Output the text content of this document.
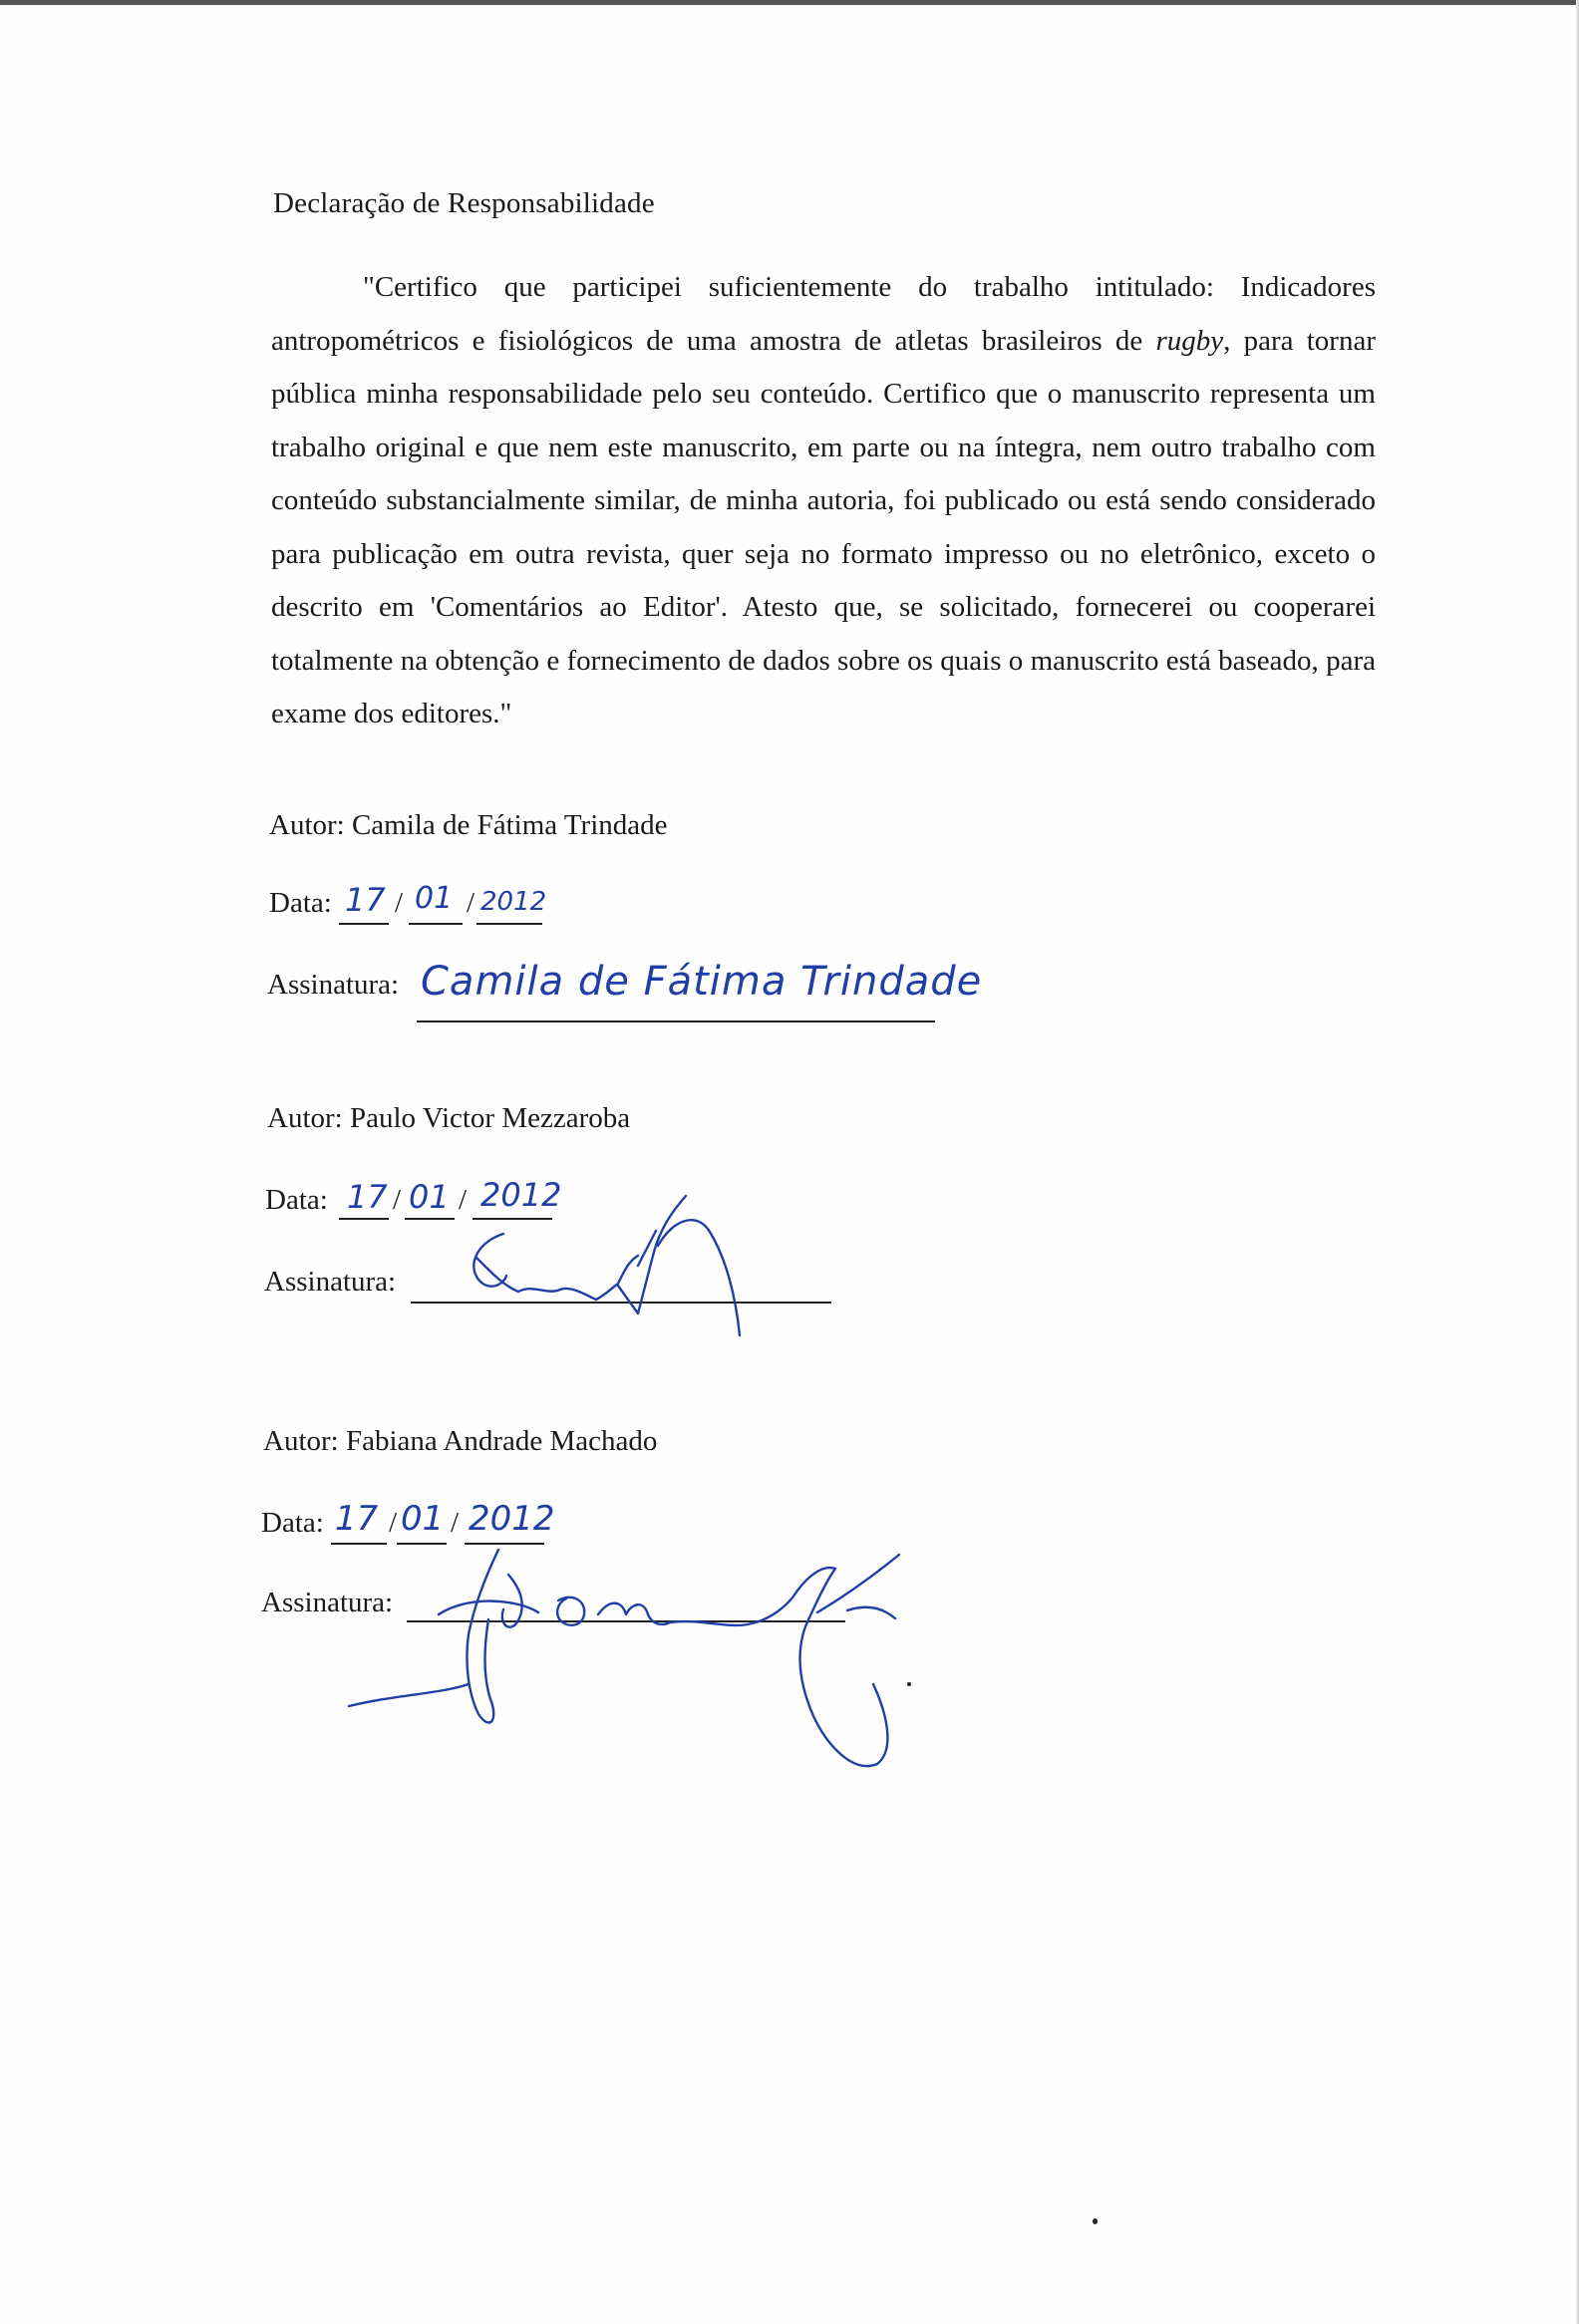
Declaração de Responsabilidade

"Certifico que participei suficientemente do trabalho intitulado: Indicadores antropométricos e fisiológicos de uma amostra de atletas brasileiros de rugby, para tornar pública minha responsabilidade pelo seu conteúdo. Certifico que o manuscrito representa um trabalho original e que nem este manuscrito, em parte ou na íntegra, nem outro trabalho com conteúdo substancialmente similar, de minha autoria, foi publicado ou está sendo considerado para publicação em outra revista, quer seja no formato impresso ou no eletrônico, exceto o descrito em 'Comentários ao Editor'. Atesto que, se solicitado, fornecerei ou cooperarei totalmente na obtenção e fornecimento de dados sobre os quais o manuscrito está baseado, para exame dos editores."

Autor: Camila de Fátima Trindade
Data: 17 / 01 / 2012
Assinatura: Camila de Fátima Trindade
Autor: Paulo Victor Mezzaroba
Data: 17 / 01 / 2012
Assinatura:
Autor: Fabiana Andrade Machado
Data: 17 / 01 / 2012
Assinatura:
